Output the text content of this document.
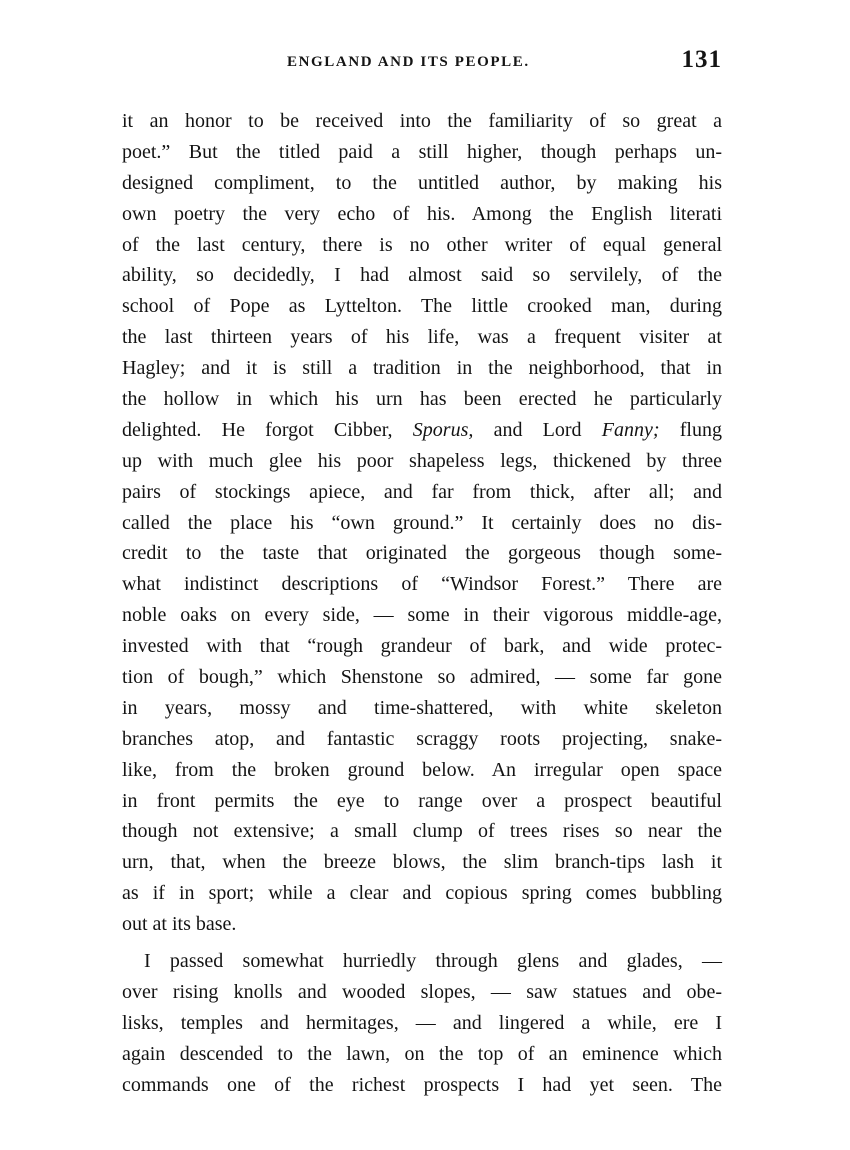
ENGLAND AND ITS PEOPLE.	131
it an honor to be received into the familiarity of so great a
poet.” But the titled paid a still higher, though perhaps un-
designed compliment, to the untitled author, by making his
own poetry the very echo of his. Among the English literati
of the last century, there is no other writer of equal general
ability, so decidedly, I had almost said so servilely, of the
school of Pope as Lyttelton. The little crooked man, during
the last thirteen years of his life, was a frequent visiter at
Hagley; and it is still a tradition in the neighborhood, that in
the hollow in which his urn has been erected he particularly
delighted. He forgot Cibber, Sporus, and Lord Fanny; flung
up with much glee his poor shapeless legs, thickened by three
pairs of stockings apiece, and far from thick, after all; and
called the place his “own ground.” It certainly does no dis-
credit to the taste that originated the gorgeous though some-
what indistinct descriptions of “Windsor Forest.” There are
noble oaks on every side, — some in their vigorous middle-age,
invested with that “rough grandeur of bark, and wide protec-
tion of bough,” which Shenstone so admired, — some far gone
in years, mossy and time-shattered, with white skeleton
branches atop, and fantastic scraggy roots projecting, snake-
like, from the broken ground below. An irregular open space
in front permits the eye to range over a prospect beautiful
though not extensive; a small clump of trees rises so near the
urn, that, when the breeze blows, the slim branch-tips lash it
as if in sport; while a clear and copious spring comes bubbling
out at its base.
I passed somewhat hurriedly through glens and glades, —
over rising knolls and wooded slopes, — saw statues and obe-
lisks, temples and hermitages, — and lingered a while, ere I
again descended to the lawn, on the top of an eminence which
commands one of the richest prospects I had yet seen. The
